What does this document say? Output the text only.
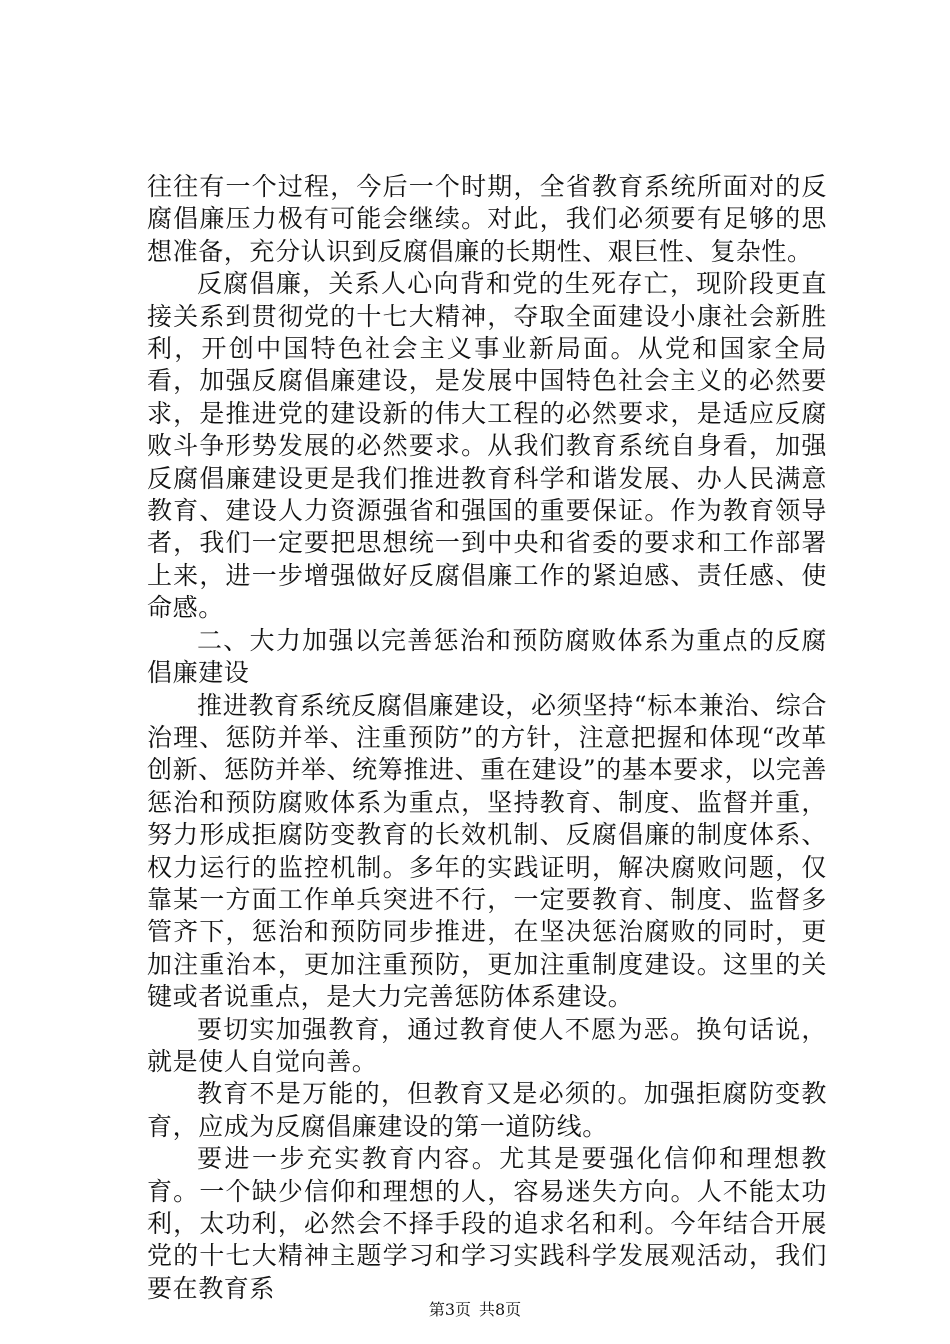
往往有一个过程，今后一个时期，全省教育系统所面对的反腐倡廉压力极有可能会继续。对此，我们必须要有足够的思想准备，充分认识到反腐倡廉的长期性、艰巨性、复杂性。

反腐倡廉，关系人心向背和党的生死存亡，现阶段更直接关系到贯彻党的十七大精神，夺取全面建设小康社会新胜利，开创中国特色社会主义事业新局面。从党和国家全局看，加强反腐倡廉建设，是发展中国特色社会主义的必然要求，是推进党的建设新的伟大工程的必然要求，是适应反腐败斗争形势发展的必然要求。从我们教育系统自身看，加强反腐倡廉建设更是我们推进教育科学和谐发展、办人民满意教育、建设人力资源强省和强国的重要保证。作为教育领导者，我们一定要把思想统一到中央和省委的要求和工作部署上来，进一步增强做好反腐倡廉工作的紧迫感、责任感、使命感。

二、大力加强以完善惩治和预防腐败体系为重点的反腐倡廉建设

推进教育系统反腐倡廉建设，必须坚持“标本兼治、综合治理、惩防并举、注重预防”的方针，注意把握和体现“改革创新、惩防并举、统筹推进、重在建设”的基本要求，以完善惩治和预防腐败体系为重点，坚持教育、制度、监督并重，努力形成拒腐防变教育的长效机制、反腐倡廉的制度体系、权力运行的监控机制。多年的实践证明，解决腐败问题，仅靠某一方面工作单兵突进不行，一定要教育、制度、监督多管齐下，惩治和预防同步推进，在坚决惩治腐败的同时，更加注重治本，更加注重预防，更加注重制度建设。这里的关键或者说重点，是大力完善惩防体系建设。

要切实加强教育，通过教育使人不愿为恶。换句话说，就是使人自觉向善。

教育不是万能的，但教育又是必须的。加强拒腐防变教育，应成为反腐倡廉建设的第一道防线。

要进一步充实教育内容。尤其是要强化信仰和理想教育。一个缺少信仰和理想的人，容易迷失方向。人不能太功利，太功利，必然会不择手段的追求名和利。今年结合开展党的十七大精神主题学习和学习实践科学发展观活动，我们要在教育系

第3页 共8页
